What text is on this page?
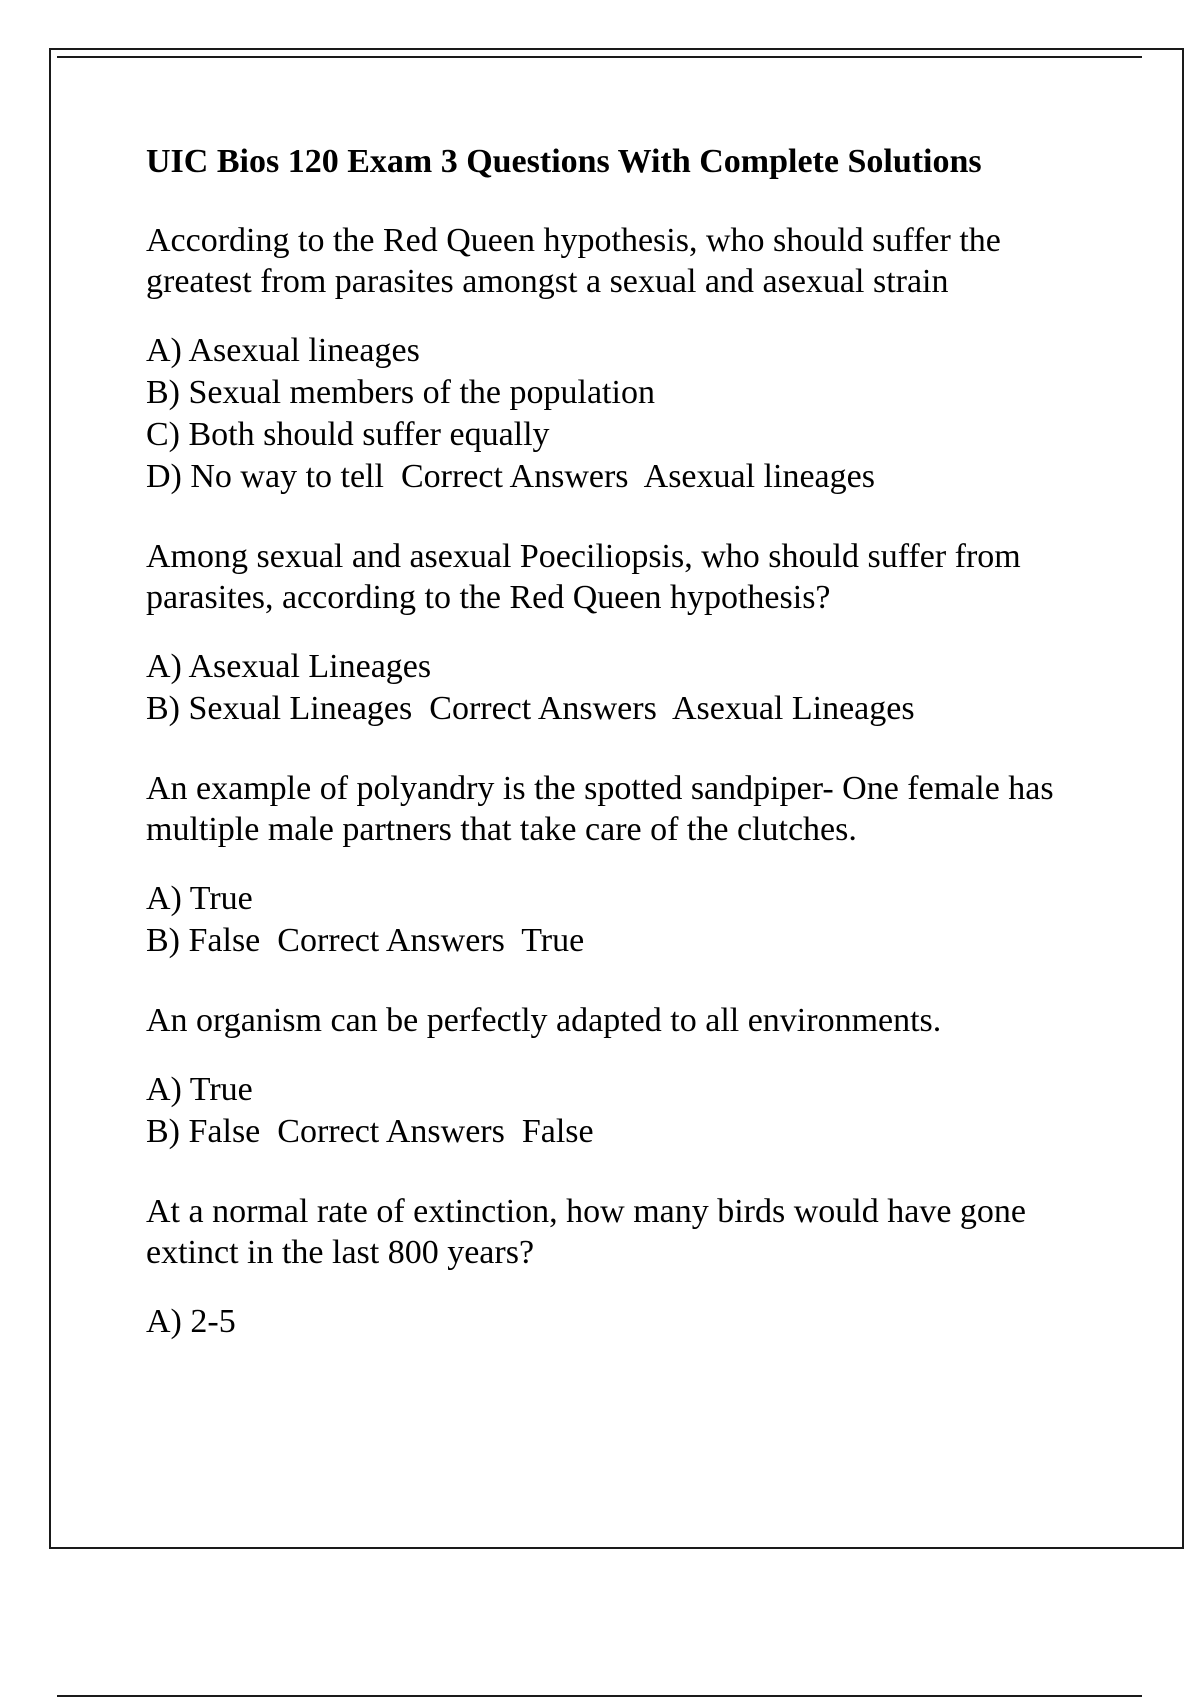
UIC Bios 120 Exam 3 Questions With Complete Solutions
According to the Red Queen hypothesis, who should suffer the greatest from parasites amongst a sexual and asexual strain
A) Asexual lineages
B) Sexual members of the population
C) Both should suffer equally
D) No way to tell Correct Answers Asexual lineages
Among sexual and asexual Poeciliopsis, who should suffer from parasites, according to the Red Queen hypothesis?
A) Asexual Lineages
B) Sexual Lineages Correct Answers Asexual Lineages
An example of polyandry is the spotted sandpiper- One female has multiple male partners that take care of the clutches.
A) True
B) False Correct Answers True
An organism can be perfectly adapted to all environments.
A) True
B) False Correct Answers False
At a normal rate of extinction, how many birds would have gone extinct in the last 800 years?
A) 2-5
